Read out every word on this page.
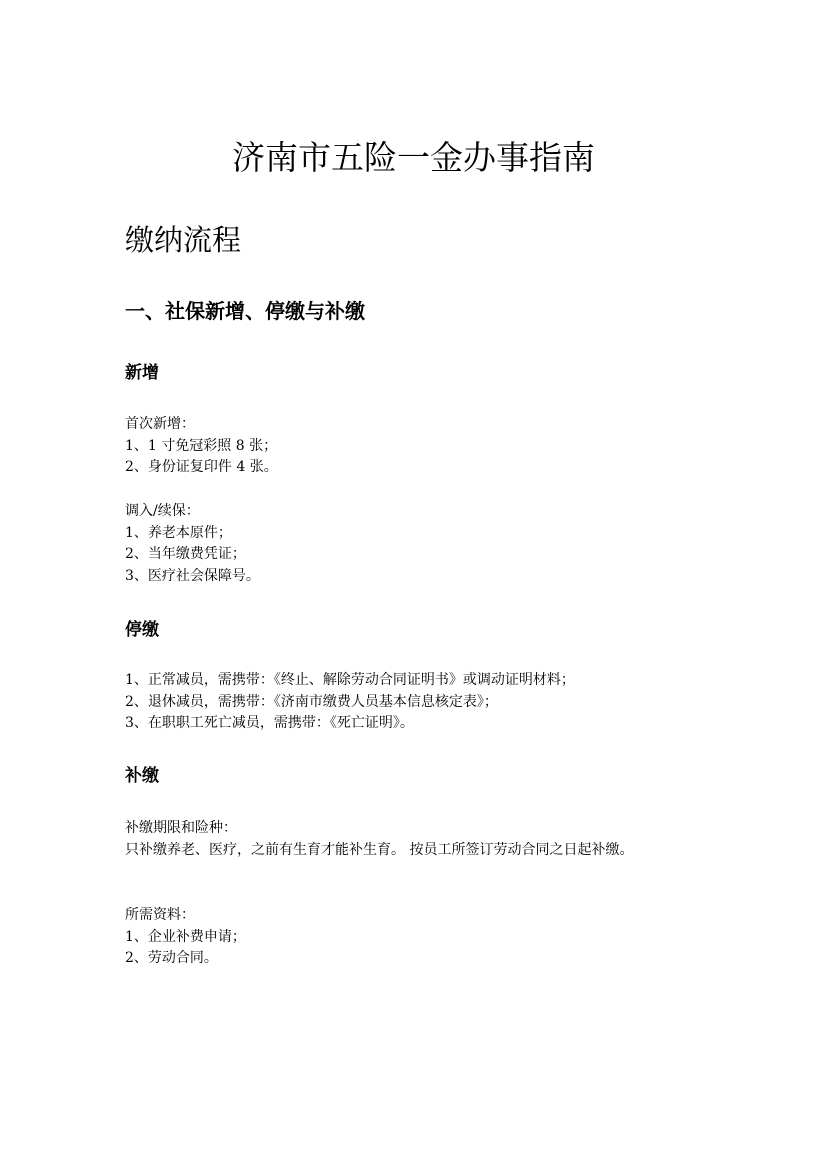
济南市五险一金办事指南
缴纳流程
一、社保新增、停缴与补缴
新增

首次新增：

1、1 寸免冠彩照 8 张；

2、身份证复印件 4 张。

调入/续保：

1、养老本原件；

2、当年缴费凭证；

3、医疗社会保障号。

停缴

1、正常减员，需携带：《终止、解除劳动合同证明书》或调动证明材料；

2、退休减员，需携带：《济南市缴费人员基本信息核定表》；

3、在职职工死亡减员，需携带：《死亡证明》。

补缴

补缴期限和险种：

只补缴养老、医疗，之前有生育才能补生育。 按员工所签订劳动合同之日起补缴。

所需资料：

1、企业补费申请；

2、劳动合同。
